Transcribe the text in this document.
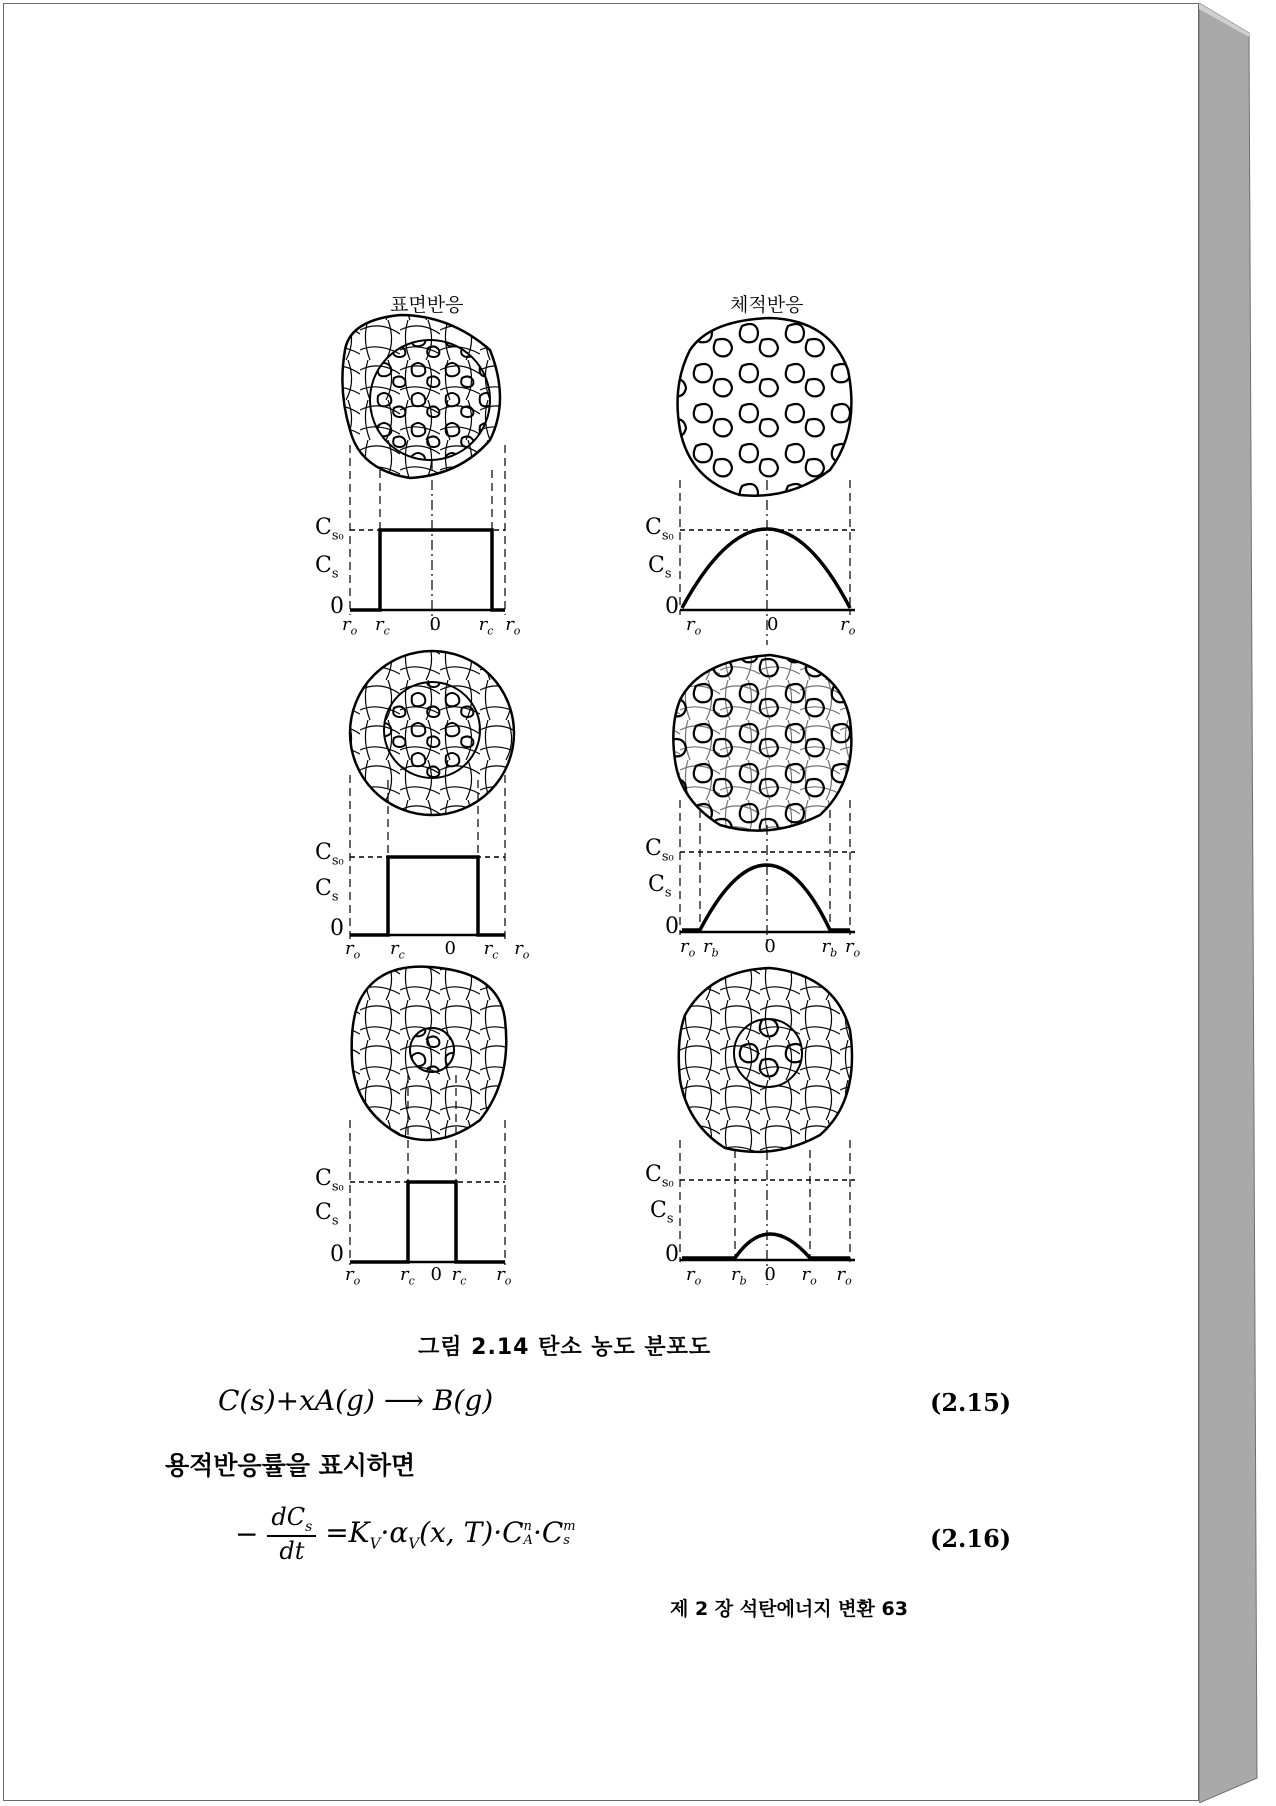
표면반응	체적반응
$C_{s_0}$
$C_s$
0
$r_o$ $r_c$ 0 $r_c$ $r_o$
$C_{s_0}$
$C_s$
0
$r_o$ $r_c$ 0 $r_c$ $r_o$
$C_{s_0}$
$C_s$
0
$r_o$ $r_c$ 0 $r_c$ $r_o$
$C_{s_0}$
$C_s$
0
$r_o$	0	$r_o$
$C_{s_0}$
$C_s$
0
$r_o$ $r_b$	0	$r_b$ $r_o$
$C_{s_0}$
$C_s$
0
$r_o$ $r_b$ 0 $r_o$ $r_o$
그림 2.14 탄소 농도 분포도
C(s)+xA(g) ⟶ B(g)	(2.15)
용적반응률을 표시하면
−
$dC_s$
dt
$=K_V\cdot\alpha_V(x$, T)·C n
A ·C m
s	(2.16)
제 2 장 석탄에너지 변환 63
